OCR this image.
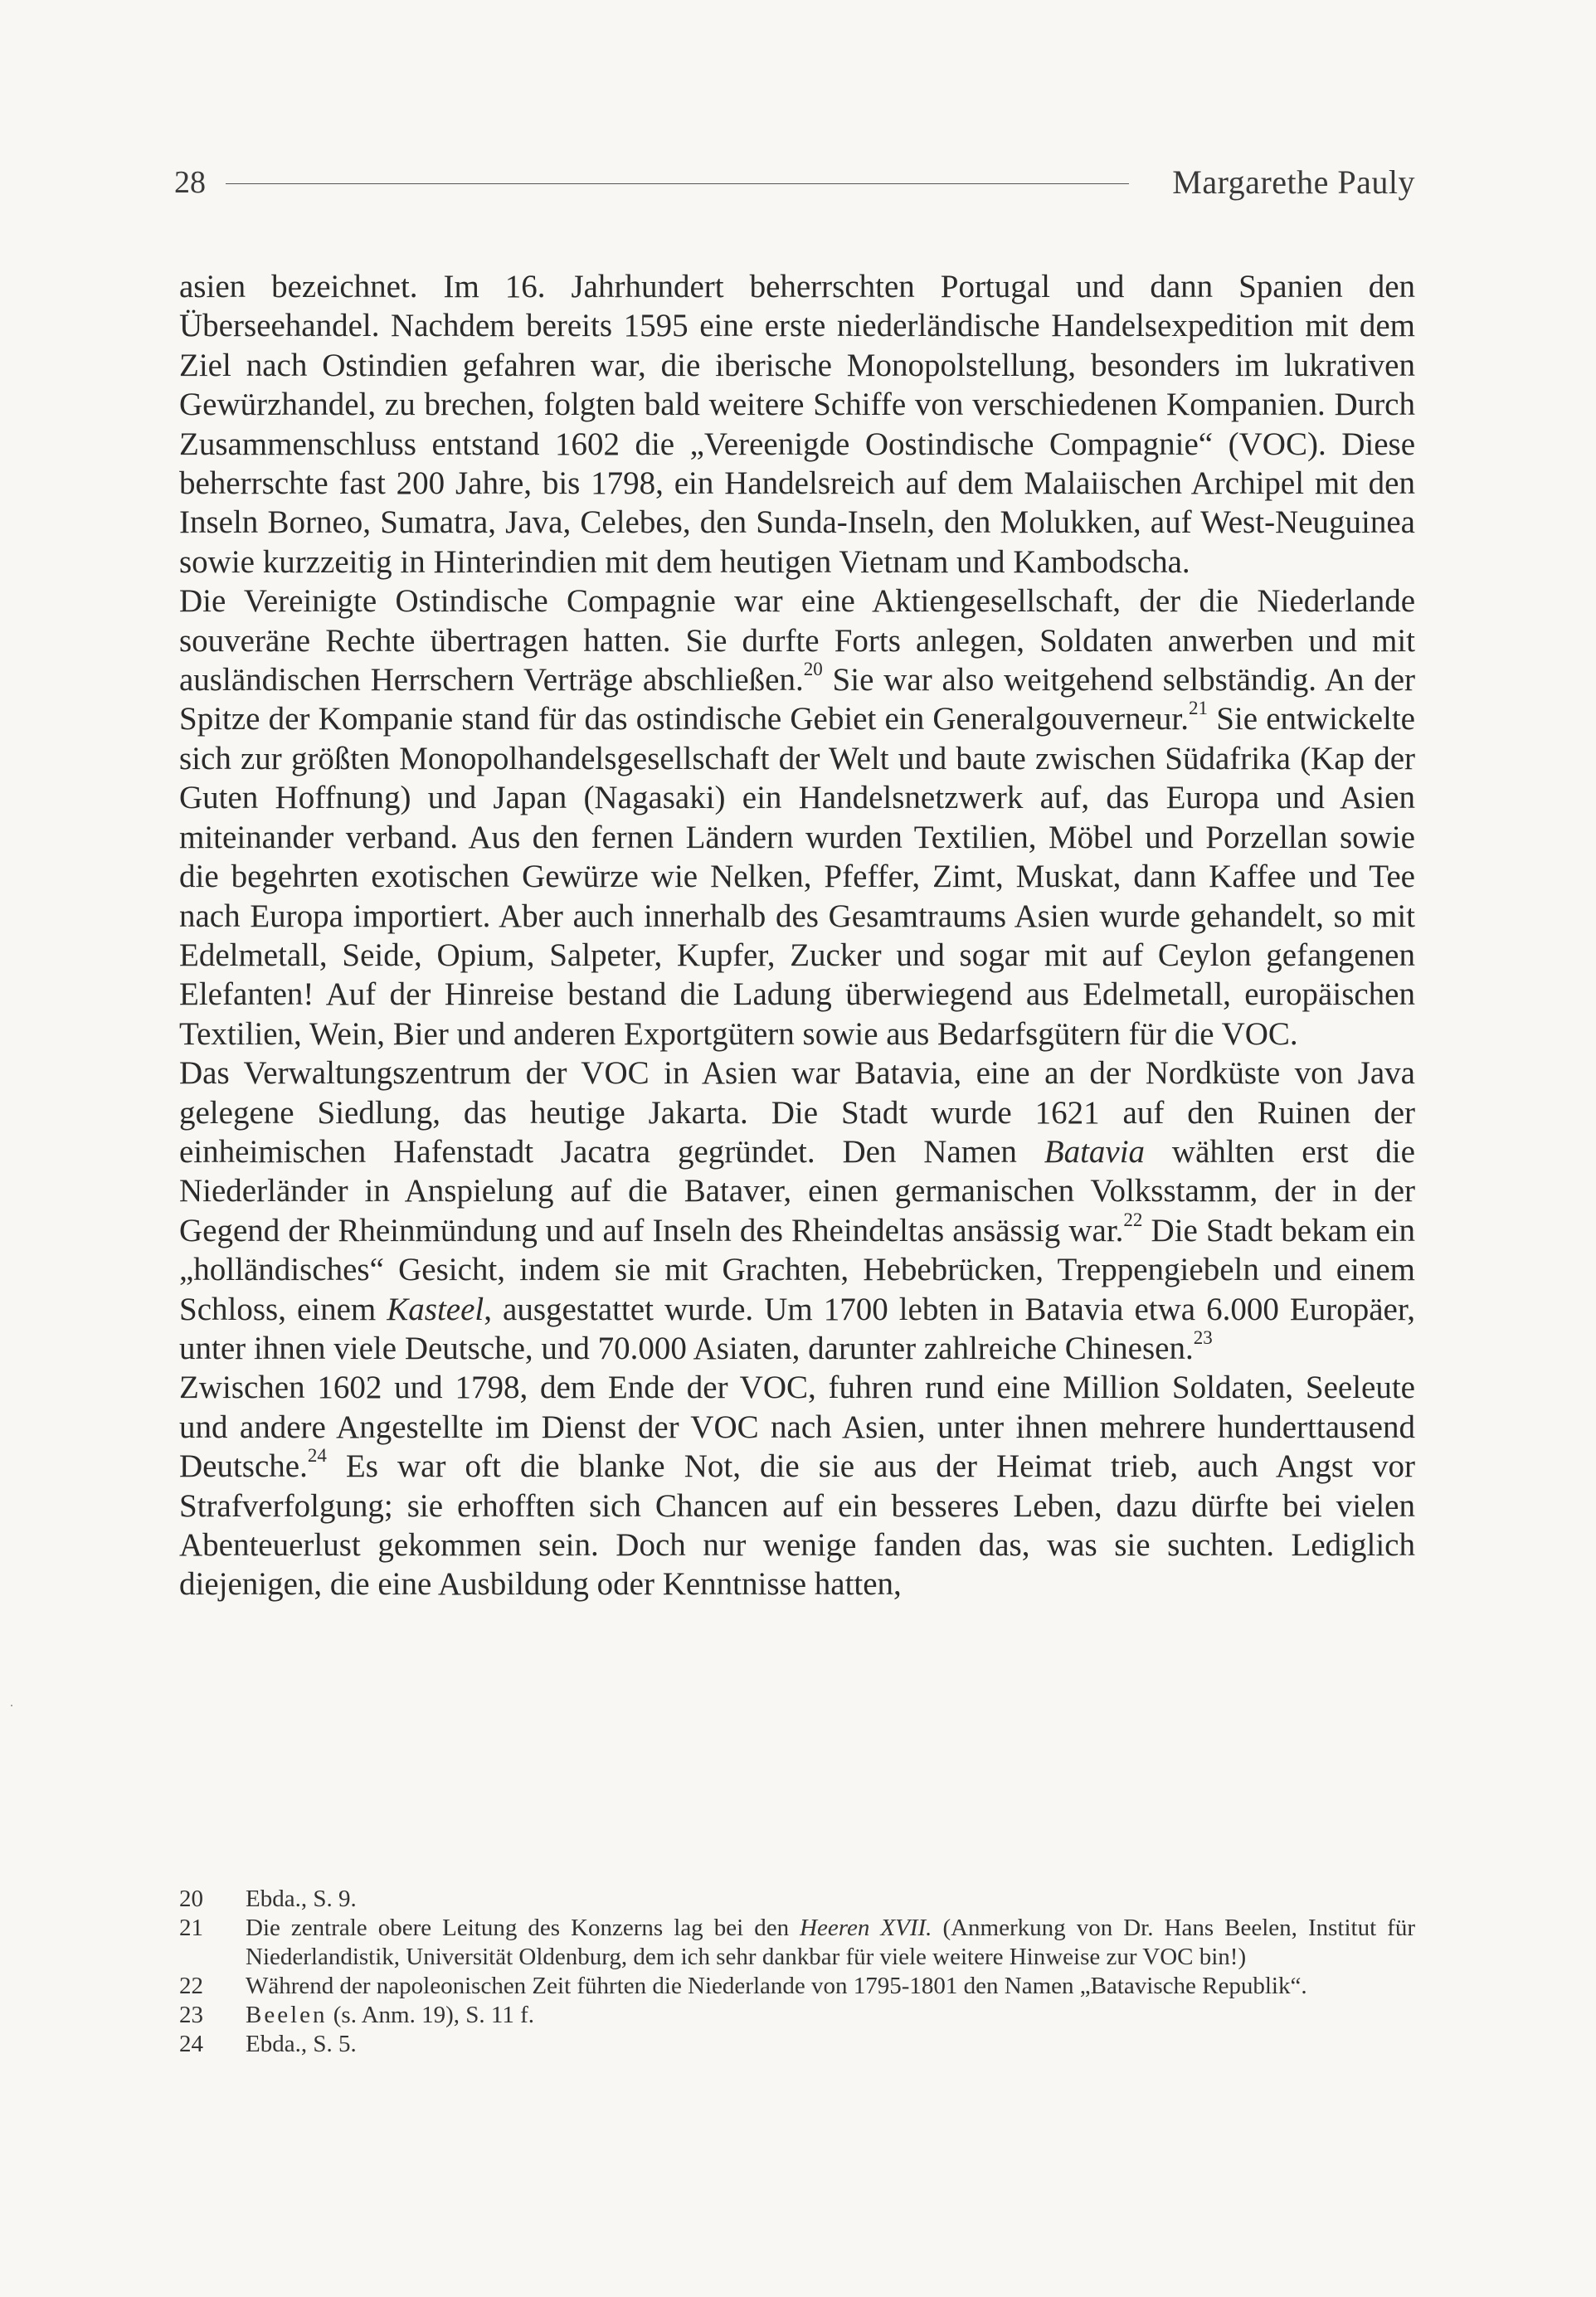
28	Margarethe Pauly

asien bezeichnet. Im 16. Jahrhundert beherrschten Portugal und dann Spanien den Überseehandel. Nachdem bereits 1595 eine erste niederländische Handelsexpedition mit dem Ziel nach Ostindien gefahren war, die iberische Monopolstellung, besonders im lukrativen Gewürzhandel, zu brechen, folgten bald weitere Schiffe von verschiedenen Kompanien. Durch Zusammenschluss entstand 1602 die „Vereenigde Oostindische Compagnie“ (VOC). Diese beherrschte fast 200 Jahre, bis 1798, ein Handelsreich auf dem Malaiischen Archipel mit den Inseln Borneo, Sumatra, Java, Celebes, den Sunda-Inseln, den Molukken, auf West-Neuguinea sowie kurzzeitig in Hinterindien mit dem heutigen Vietnam und Kambodscha.

Die Vereinigte Ostindische Compagnie war eine Aktiengesellschaft, der die Niederlande souveräne Rechte übertragen hatten. Sie durfte Forts anlegen, Soldaten anwerben und mit ausländischen Herrschern Verträge abschließen.$^{20}$ Sie war also weitgehend selbständig. An der Spitze der Kompanie stand für das ostindische Gebiet ein Generalgouverneur.$^{21}$ Sie entwickelte sich zur größten Monopolhandelsgesellschaft der Welt und baute zwischen Südafrika (Kap der Guten Hoffnung) und Japan (Nagasaki) ein Handelsnetzwerk auf, das Europa und Asien miteinander verband. Aus den fernen Ländern wurden Textilien, Möbel und Porzellan sowie die begehrten exotischen Gewürze wie Nelken, Pfeffer, Zimt, Muskat, dann Kaffee und Tee nach Europa importiert. Aber auch innerhalb des Gesamtraums Asien wurde gehandelt, so mit Edelmetall, Seide, Opium, Salpeter, Kupfer, Zucker und sogar mit auf Ceylon gefangenen Elefanten! Auf der Hinreise bestand die Ladung überwiegend aus Edelmetall, europäischen Textilien, Wein, Bier und anderen Exportgütern sowie aus Bedarfsgütern für die VOC.

Das Verwaltungszentrum der VOC in Asien war Batavia, eine an der Nordküste von Java gelegene Siedlung, das heutige Jakarta. Die Stadt wurde 1621 auf den Ruinen der einheimischen Hafenstadt Jacatra gegründet. Den Namen Batavia wählten erst die Niederländer in Anspielung auf die Bataver, einen germanischen Volksstamm, der in der Gegend der Rheinmündung und auf Inseln des Rheindeltas ansässig war.$^{22}$ Die Stadt bekam ein „holländisches“ Gesicht, indem sie mit Grachten, Hebebrücken, Treppengiebeln und einem Schloss, einem Kasteel, ausgestattet wurde. Um 1700 lebten in Batavia etwa 6.000 Europäer, unter ihnen viele Deutsche, und 70.000 Asiaten, darunter zahlreiche Chinesen.$^{23}$

Zwischen 1602 und 1798, dem Ende der VOC, fuhren rund eine Million Soldaten, Seeleute und andere Angestellte im Dienst der VOC nach Asien, unter ihnen mehrere hunderttausend Deutsche.$^{24}$ Es war oft die blanke Not, die sie aus der Heimat trieb, auch Angst vor Strafverfolgung; sie erhofften sich Chancen auf ein besseres Leben, dazu dürfte bei vielen Abenteuerlust gekommen sein. Doch nur wenige fanden das, was sie suchten. Lediglich diejenigen, die eine Ausbildung oder Kenntnisse hatten,

20	Ebda., S. 9.

21	Die zentrale obere Leitung des Konzerns lag bei den Heeren XVII. (Anmerkung von Dr. Hans Beelen, Institut für Niederlandistik, Universität Oldenburg, dem ich sehr dankbar für viele weitere Hinweise zur VOC bin!)

22	Während der napoleonischen Zeit führten die Niederlande von 1795-1801 den Namen „Batavische Republik“.

23	Beelen (s. Anm. 19), S. 11 f.

24	Ebda., S. 5.
